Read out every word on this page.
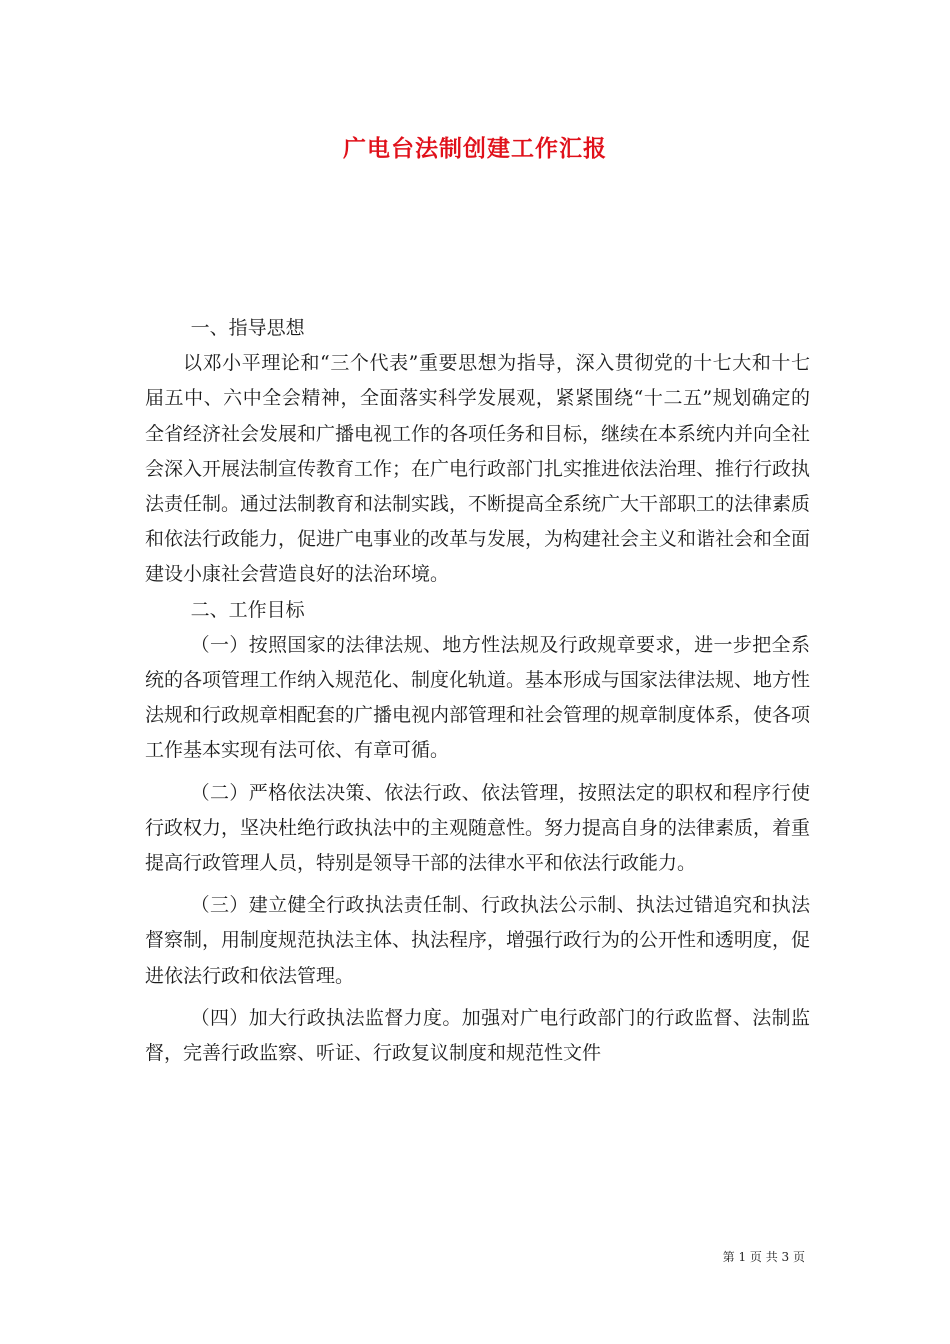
广电台法制创建工作汇报

一、指导思想

以邓小平理论和“三个代表”重要思想为指导，深入贯彻党的十七大和十七届五中、六中全会精神，全面落实科学发展观，紧紧围绕“十二五”规划确定的全省经济社会发展和广播电视工作的各项任务和目标，继续在本系统内并向全社会深入开展法制宣传教育工作；在广电行政部门扎实推进依法治理、推行行政执法责任制。通过法制教育和法制实践，不断提高全系统广大干部职工的法律素质和依法行政能力，促进广电事业的改革与发展，为构建社会主义和谐社会和全面建设小康社会营造良好的法治环境。

二、工作目标

（一）按照国家的法律法规、地方性法规及行政规章要求，进一步把全系统的各项管理工作纳入规范化、制度化轨道。基本形成与国家法律法规、地方性法规和行政规章相配套的广播电视内部管理和社会管理的规章制度体系，使各项工作基本实现有法可依、有章可循。

（二）严格依法决策、依法行政、依法管理，按照法定的职权和程序行使行政权力，坚决杜绝行政执法中的主观随意性。努力提高自身的法律素质，着重提高行政管理人员，特别是领导干部的法律水平和依法行政能力。

（三）建立健全行政执法责任制、行政执法公示制、执法过错追究和执法督察制，用制度规范执法主体、执法程序，增强行政行为的公开性和透明度，促进依法行政和依法管理。

（四）加大行政执法监督力度。加强对广电行政部门的行政监督、法制监督，完善行政监察、听证、行政复议制度和规范性文件

第 1 页 共 3 页
